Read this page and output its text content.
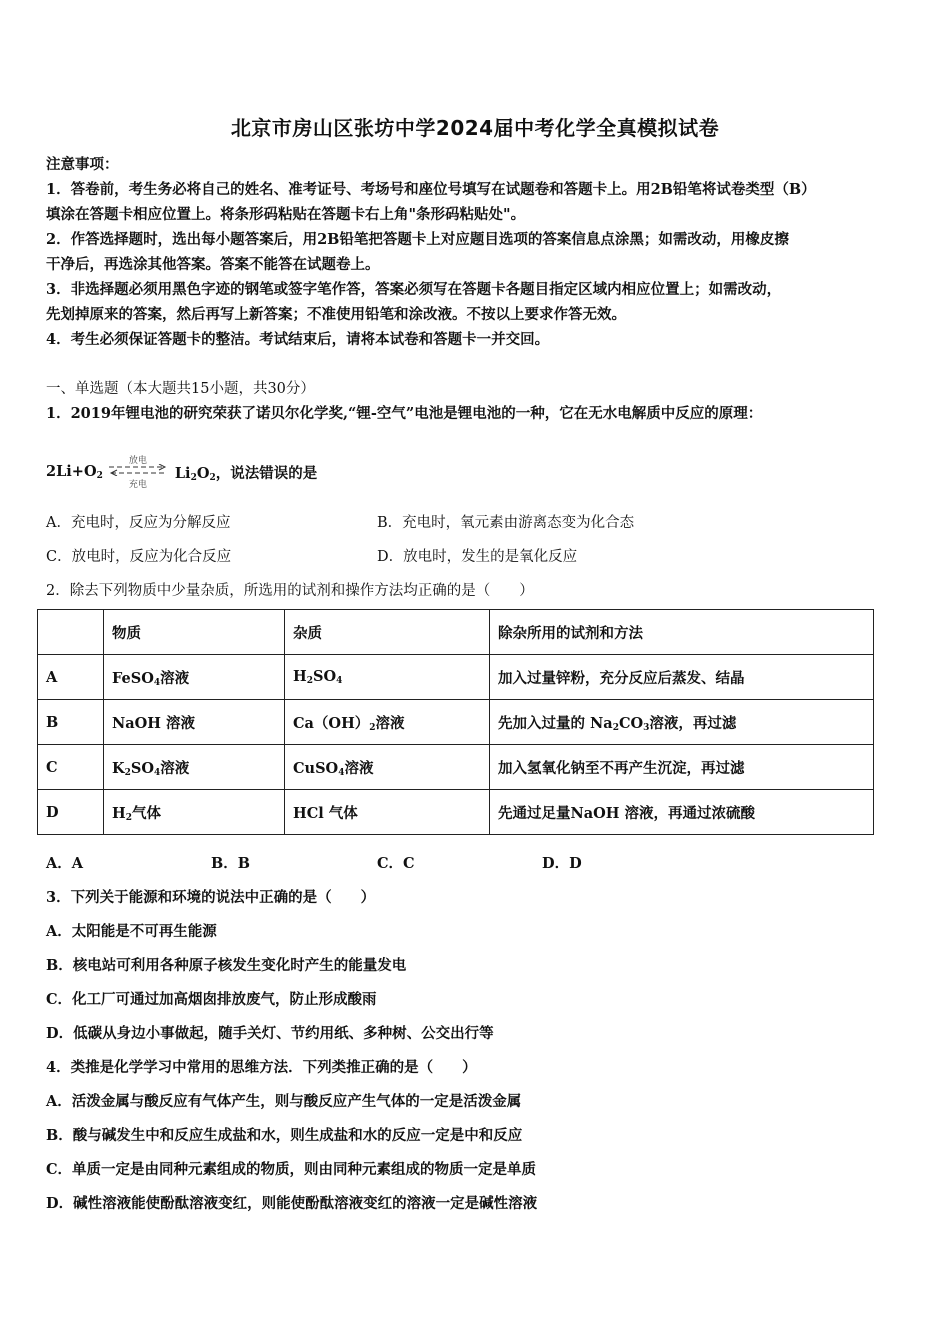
北京市房山区张坊中学2024届中考化学全真模拟试卷
注意事项：
1．答卷前，考生务必将自己的姓名、准考证号、考场号和座位号填写在试题卷和答题卡上。用2B铅笔将试卷类型（B）
填涂在答题卡相应位置上。将条形码粘贴在答题卡右上角"条形码粘贴处"。
2．作答选择题时，选出每小题答案后，用2B铅笔把答题卡上对应题目选项的答案信息点涂黑；如需改动，用橡皮擦
干净后，再选涂其他答案。答案不能答在试题卷上。
3．非选择题必须用黑色字迹的钢笔或签字笔作答，答案必须写在答题卡各题目指定区域内相应位置上；如需改动，
先划掉原来的答案，然后再写上新答案；不准使用铅笔和涂改液。不按以上要求作答无效。
4．考生必须保证答题卡的整洁。考试结束后，请将本试卷和答题卡一并交回。
一、单选题（本大题共15小题，共30分）
1．2019年锂电池的研究荣获了诺贝尔化学奖,“锂-空气”电池是锂电池的一种，它在无水电解质中反应的原理：
$2Li+O_2$
放电
充电
$Li_2O_2$，说法错误的是
A．充电时，反应为分解反应	B．充电时，氧元素由游离态变为化合态
C．放电时，反应为化合反应	D．放电时，发生的是氧化反应
2．除去下列物质中少量杂质，所选用的试剂和操作方法均正确的是（　　）
	物质	杂质	除杂所用的试剂和方法
A	FeSO$_4$溶液	$H_2SO_4$	加入过量锌粉，充分反应后蒸发、结晶
B	NaOH 溶液	$Ca(OH)_2$溶液	先加入过量的 $Na_2CO_3$溶液，再过滤
C	$K_2SO_4$溶液	CuSO$_4$溶液	加入氢氧化钠至不再产生沉淀，再过滤
D	$H_2$气体	HCl 气体	先通过足量NaOH 溶液，再通过浓硫酸
A．A	B．B	C．C	D．D
3．下列关于能源和环境的说法中正确的是（　　）
A．太阳能是不可再生能源
B．核电站可利用各种原子核发生变化时产生的能量发电
C．化工厂可通过加高烟囱排放废气，防止形成酸雨
D．低碳从身边小事做起，随手关灯、节约用纸、多种树、公交出行等
4．类推是化学学习中常用的思维方法．下列类推正确的是（　　）
A．活泼金属与酸反应有气体产生，则与酸反应产生气体的一定是活泼金属
B．酸与碱发生中和反应生成盐和水，则生成盐和水的反应一定是中和反应
C．单质一定是由同种元素组成的物质，则由同种元素组成的物质一定是单质
D．碱性溶液能使酚酞溶液变红，则能使酚酞溶液变红的溶液一定是碱性溶液
